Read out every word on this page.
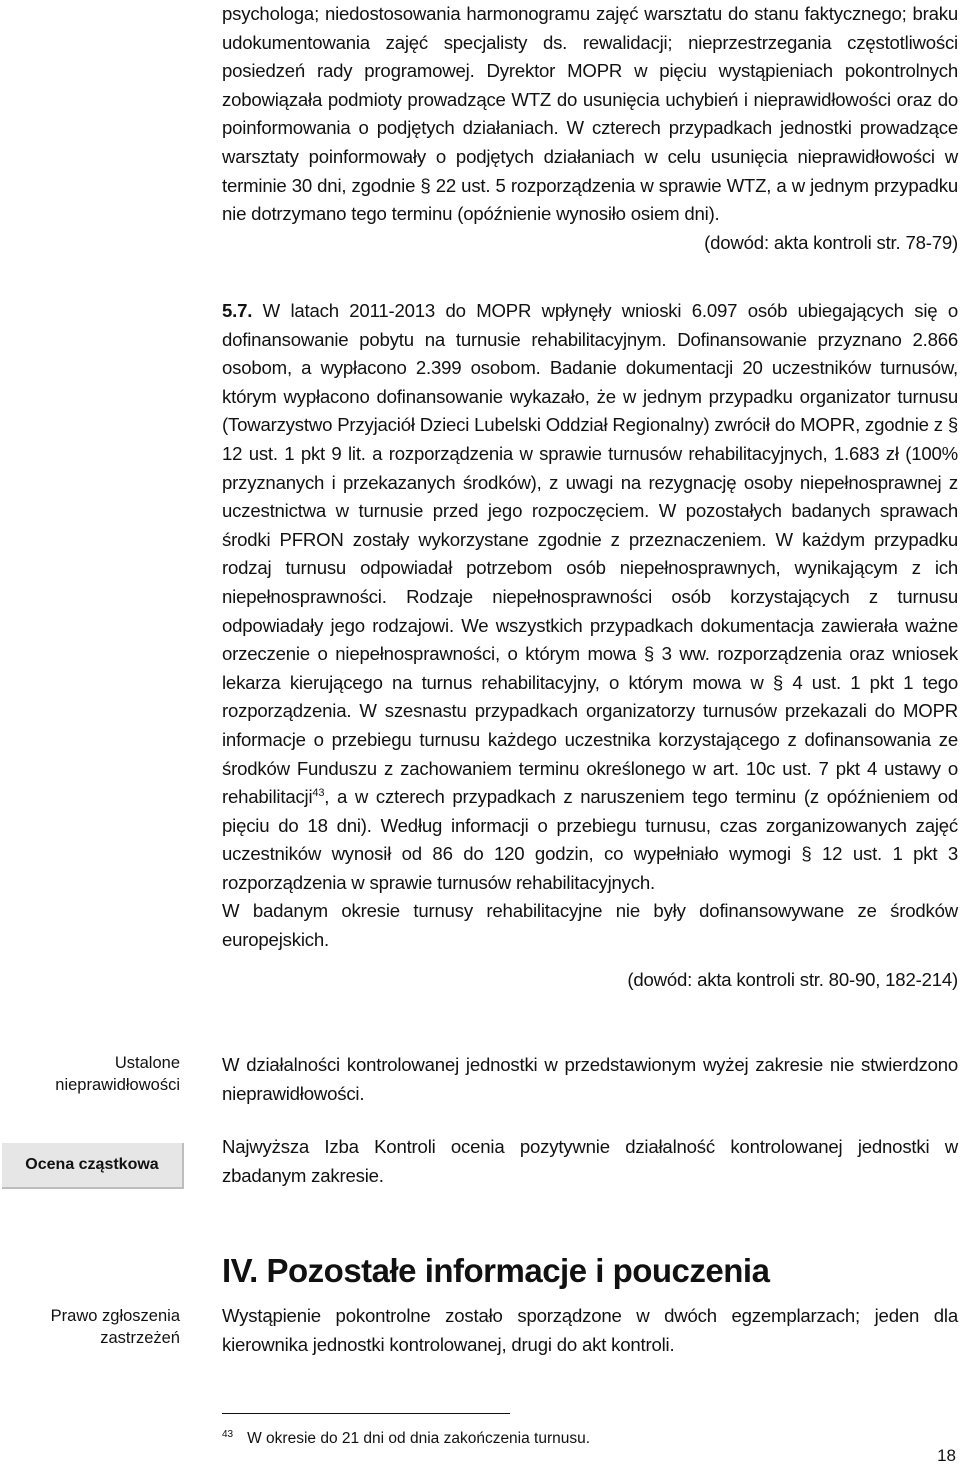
psychologa; niedostosowania harmonogramu zajęć warsztatu do stanu faktycznego; braku udokumentowania zajęć specjalisty ds. rewalidacji; nieprzestrzegania częstotliwości posiedzeń rady programowej. Dyrektor MOPR w pięciu wystąpieniach pokontrolnych zobowiązała podmioty prowadzące WTZ do usunięcia uchybień i nieprawidłowości oraz do poinformowania o podjętych działaniach. W czterech przypadkach jednostki prowadzące warsztaty poinformowały o podjętych działaniach w celu usunięcia nieprawidłowości w terminie 30 dni, zgodnie § 22 ust. 5 rozporządzenia w sprawie WTZ, a w jednym przypadku nie dotrzymano tego terminu (opóźnienie wynosiło osiem dni).

(dowód: akta kontroli str. 78-79)

5.7. W latach 2011-2013 do MOPR wpłynęły wnioski 6.097 osób ubiegających się o dofinansowanie pobytu na turnusie rehabilitacyjnym. Dofinansowanie przyznano 2.866 osobom, a wypłacono 2.399 osobom. Badanie dokumentacji 20 uczestników turnusów, którym wypłacono dofinansowanie wykazało, że w jednym przypadku organizator turnusu (Towarzystwo Przyjaciół Dzieci Lubelski Oddział Regionalny) zwrócił do MOPR, zgodnie z § 12 ust. 1 pkt 9 lit. a rozporządzenia w sprawie turnusów rehabilitacyjnych, 1.683 zł (100% przyznanych i przekazanych środków), z uwagi na rezygnację osoby niepełnosprawnej z uczestnictwa w turnusie przed jego rozpoczęciem. W pozostałych badanych sprawach środki PFRON zostały wykorzystane zgodnie z przeznaczeniem. W każdym przypadku rodzaj turnusu odpowiadał potrzebom osób niepełnosprawnych, wynikającym z ich niepełnosprawności. Rodzaje niepełnosprawności osób korzystających z turnusu odpowiadały jego rodzajowi. We wszystkich przypadkach dokumentacja zawierała ważne orzeczenie o niepełnosprawności, o którym mowa § 3 ww. rozporządzenia oraz wniosek lekarza kierującego na turnus rehabilitacyjny, o którym mowa w § 4 ust. 1 pkt 1 tego rozporządzenia. W szesnastu przypadkach organizatorzy turnusów przekazali do MOPR informacje o przebiegu turnusu każdego uczestnika korzystającego z dofinansowania ze środków Funduszu z zachowaniem terminu określonego w art. 10c ust. 7 pkt 4 ustawy o rehabilitacji$^{43}$, a w czterech przypadkach z naruszeniem tego terminu (z opóźnieniem od pięciu do 18 dni). Według informacji o przebiegu turnusu, czas zorganizowanych zajęć uczestników wynosił od 86 do 120 godzin, co wypełniało wymogi § 12 ust. 1 pkt 3 rozporządzenia w sprawie turnusów rehabilitacyjnych.

W badanym okresie turnusy rehabilitacyjne nie były dofinansowywane ze środków europejskich.

(dowód: akta kontroli str. 80-90, 182-214)

Ustalone nieprawidłowości

W działalności kontrolowanej jednostki w przedstawionym wyżej zakresie nie stwierdzono nieprawidłowości.

Ocena cząstkowa

Najwyższa Izba Kontroli ocenia pozytywnie działalność kontrolowanej jednostki w zbadanym zakresie.

IV. Pozostałe informacje i pouczenia
Prawo zgłoszenia zastrzeżeń

Wystąpienie pokontrolne zostało sporządzone w dwóch egzemplarzach; jeden dla kierownika jednostki kontrolowanej, drugi do akt kontroli.

$^{43}$ W okresie do 21 dni od dnia zakończenia turnusu.
18
